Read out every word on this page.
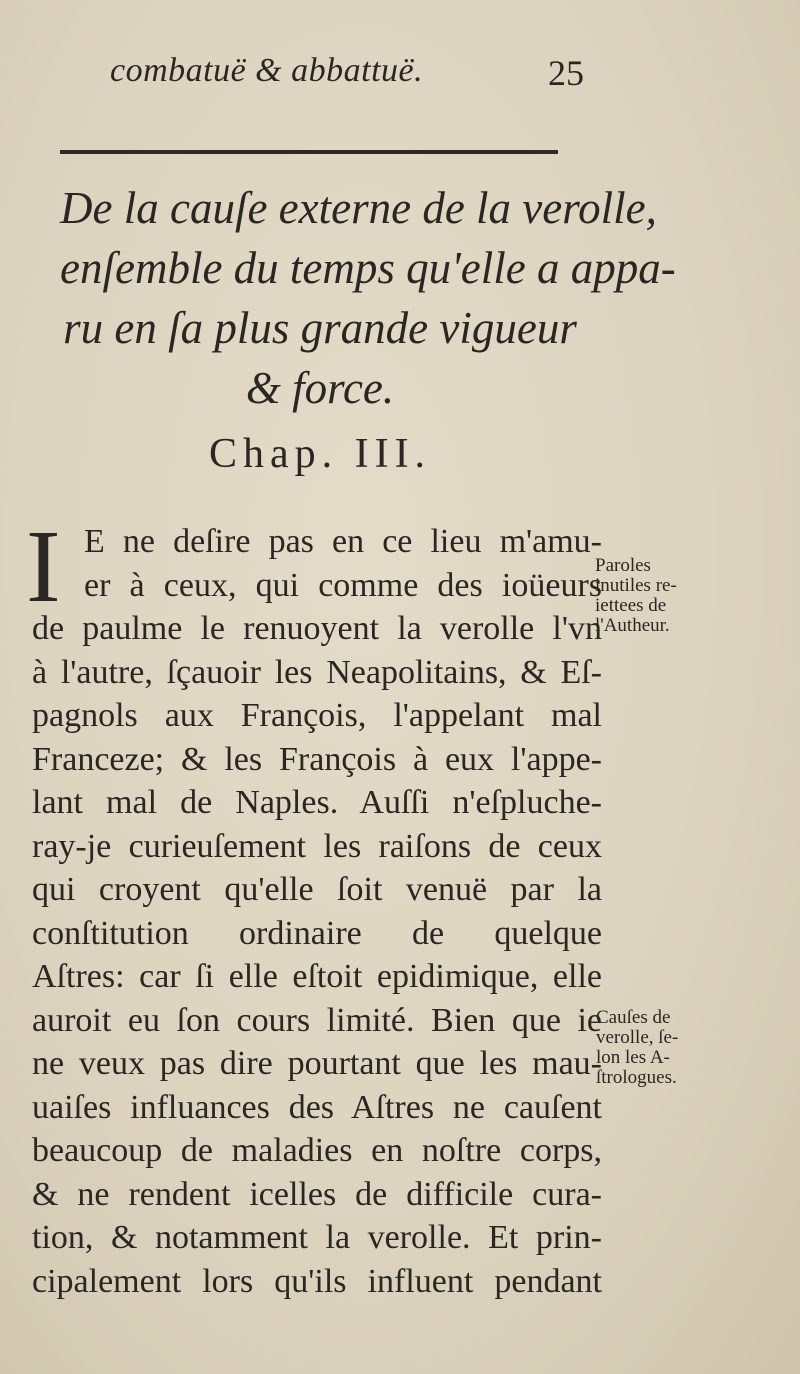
combatuë & abbattuë.	25
De la cauſe externe de la verolle,
enſemble du temps qu'elle a appa-
ru en ſa plus grande vigueur
& force.
Chap. III.
I E ne deſire pas en ce lieu m'amu-
er à ceux, qui comme des ioüeurs
de paulme le renuoyent la verolle l'vn
à l'autre, ſçauoir les Neapolitains, & Eſ-
pagnols aux François, l'appelant mal
Franceze; & les François à eux l'appe-
lant mal de Naples. Auſſi n'eſpluche-
ray-je curieuſement les raiſons de ceux
qui croyent qu'elle ſoit venuë par la
conſtitution ordinaire de quelque
Aſtres: car ſi elle eſtoit epidimique, elle
auroit eu ſon cours limité. Bien que ie
ne veux pas dire pourtant que les mau-
uaiſes influances des Aſtres ne cauſent
beaucoup de maladies en noſtre corps,
& ne rendent icelles de difficile cura-
tion, & notamment la verolle. Et prin-
cipalement lors qu'ils influent pendant
Paroles
inutiles re-
iettees de
l'Autheur.
Cauſes de
verolle, ſe-
lon les A-
ſtrologues.
